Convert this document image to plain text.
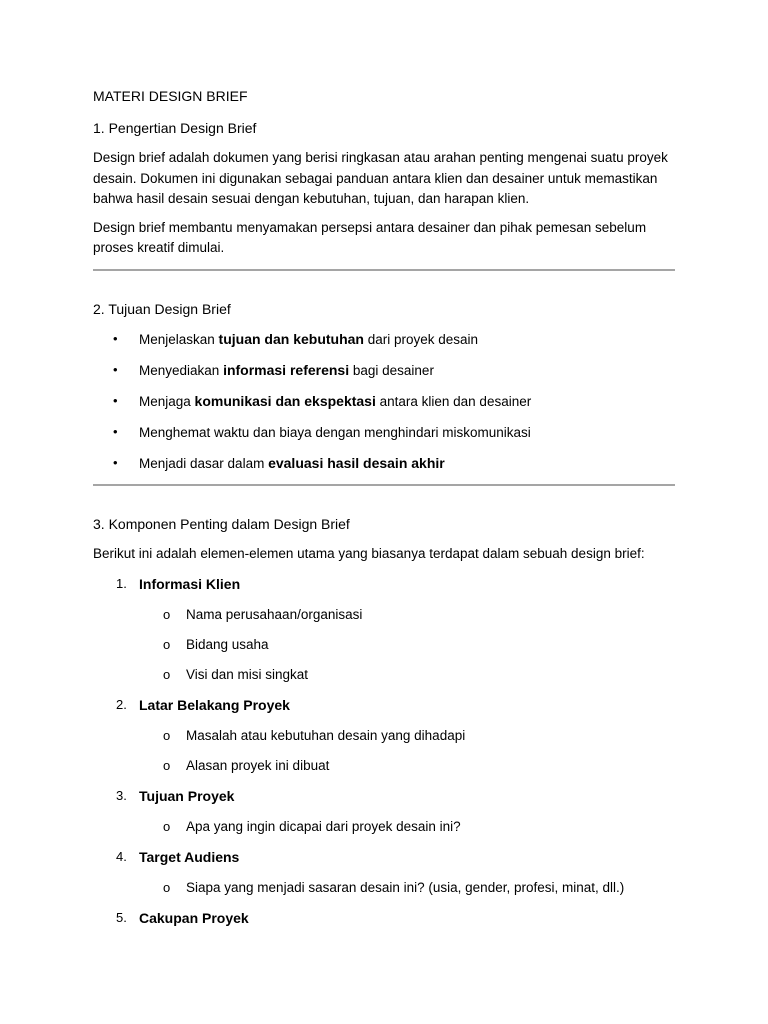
MATERI DESIGN BRIEF
1. Pengertian Design Brief

Design brief adalah dokumen yang berisi ringkasan atau arahan penting mengenai suatu proyek desain. Dokumen ini digunakan sebagai panduan antara klien dan desainer untuk memastikan bahwa hasil desain sesuai dengan kebutuhan, tujuan, dan harapan klien.

Design brief membantu menyamakan persepsi antara desainer dan pihak pemesan sebelum proses kreatif dimulai.

2. Tujuan Design Brief
• Menjelaskan tujuan dan kebutuhan dari proyek desain
• Menyediakan informasi referensi bagi desainer
• Menjaga komunikasi dan ekspektasi antara klien dan desainer
• Menghemat waktu dan biaya dengan menghindari miskomunikasi
• Menjadi dasar dalam evaluasi hasil desain akhir
3. Komponen Penting dalam Design Brief

Berikut ini adalah elemen-elemen utama yang biasanya terdapat dalam sebuah design brief:

1. Informasi Klien
o Nama perusahaan/organisasi
o Bidang usaha
o Visi dan misi singkat
2. Latar Belakang Proyek
o Masalah atau kebutuhan desain yang dihadapi
o Alasan proyek ini dibuat
3. Tujuan Proyek
o Apa yang ingin dicapai dari proyek desain ini?
4. Target Audiens
o Siapa yang menjadi sasaran desain ini? (usia, gender, profesi, minat, dll.)
5. Cakupan Proyek
